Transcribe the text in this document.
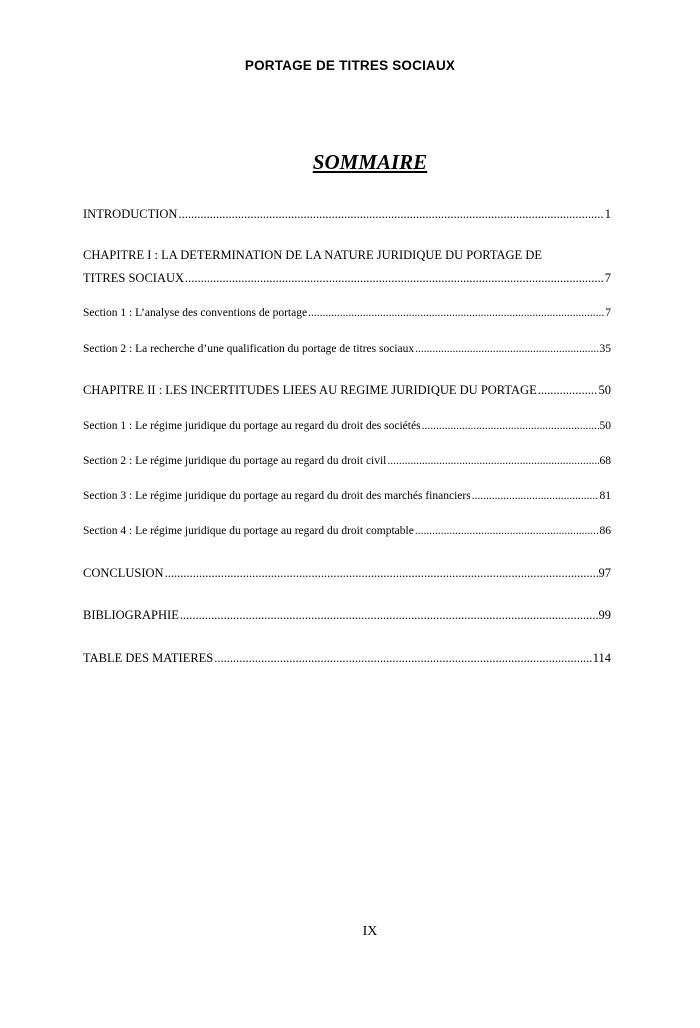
PORTAGE DE TITRES SOCIAUX
SOMMAIRE
INTRODUCTION .....	1
CHAPITRE I : LA DETERMINATION DE LA NATURE JURIDIQUE DU PORTAGE DE
TITRES SOCIAUX .....	7
Section 1 : L’analyse des conventions de portage .....	7
Section 2 : La recherche d’une qualification du portage de titres sociaux .....	35
CHAPITRE II : LES INCERTITUDES LIEES AU REGIME JURIDIQUE DU PORTAGE .....	50
Section 1 : Le régime juridique du portage au regard du droit des sociétés .....	50
Section 2 : Le régime juridique du portage au regard du droit civil .....	68
Section 3 : Le régime juridique du portage au regard du droit des marchés financiers .....	81
Section 4 : Le régime juridique du portage au regard du droit comptable .....	86
CONCLUSION .....	97
BIBLIOGRAPHIE .....	99
TABLE DES MATIERES .....	114
IX
